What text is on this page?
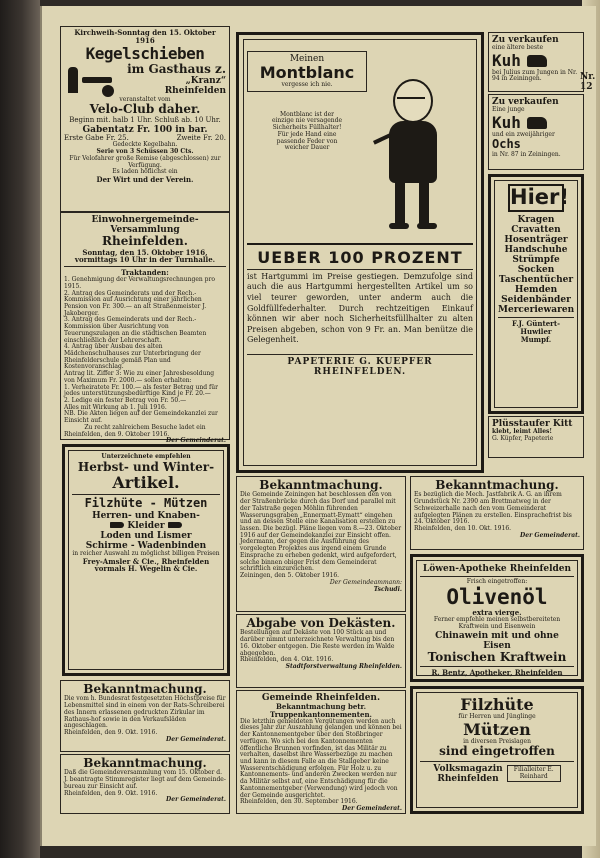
Kirchweih-Sonntag den 15. Oktober 1916
Kegelschieben
im Gasthaus z.
„Kranz“
Rheinfelden
veranstaltet vom
Velo-Club daher.
Beginn mit. halb 1 Uhr. Schluß ab. 10 Uhr.
Gabentatz Fr. 100 in bar.
Erste Gabe Fr. 25.	Zweite Fr. 20.
Gedeckte Kegelbahn.
Serie von 3 Schüssen 30 Cts.
Für Velofahrer große Remise (abgeschlossen) zur Verfügung.
Es laden höflichst ein
Der Wirt und der Verein.
Einwohnergemeinde-Versammlung
Rheinfelden.
Sonntag, den 15. Oktober 1916, vormittags 10 Uhr in der Turnhalle.
Traktanden:
1. Genehmigung der Verwaltungsrechnungen pro 1915.
2. Antrag des Gemeinderats und der Rech.-Kommission auf Ausrichtung einer jährlichen Pension von Fr. 300.— an alt Straßenmeister J. Jakoberger.
3. Antrag des Gemeinderats und der Rech.-Kommission über Ausrichtung von Teuerungszulagen an die städtischen Beamten einschließlich der Lehrerschaft.
4. Antrag über Ausbau des alten Mädchenschulhauses zur Unterbringung der Rheinfelderschule gemäß Plan und Kostenvoranschlag.
Antrag lit. Ziffer 3: Wie zu einer Jahresbesoldung von Maximum Fr. 2000.— sollen erhalten:
1. Verheiratete Fr. 100.— als fester Betrag und für jedes unterstützungsbedürftige Kind je Fr. 20.—
2. Ledige ein fester Betrag von Fr. 50.—
Alles mit Wirkung ab 1. Juli 1916.
NB. Die Akten liegen auf der Gemeindekanzlei zur Einsicht auf.
Zu recht zahlreichem Besuche ladet ein
Rheinfelden, den 9. Oktober 1916.
Der Gemeinderat.
Unterzeichnete empfehlen
Herbst- und Winter-
Artikel.
Filzhüte - Mützen
Herren- und Knaben-
Kleider
Loden und Lismer
Schirme - Wadenbinden
in reicher Auswahl zu möglichst billigen Preisen
Frey-Amsler & Cie., Rheinfelden
vormals H. Wegelin & Cie.
Bekanntmachung.
Die vom h. Bundesrat festgesetzten Höchstpreise für Lebensmittel sind in einem von der Rats-Schreiberei des Innern erlassenen gedruckten Zirkular im Rathaus-hof sowie in den Verkaufsläden angeschlagen.
Rheinfelden, den 9. Okt. 1916.
Der Gemeinderat.
Bekanntmachung.
Daß die Gemeindeversammlung vom 15. Oktober d. J. beantragte Stimmregister liegt auf dem Gemeinde-bureau zur Einsicht auf.
Rheinfelden, den 9. Okt. 1916.
Der Gemeinderat.
Meinen
Montblanc
vergesse ich nie.
Montblanc ist der einzige nie versagende Sicherheits Füllhalter! Für jede Hand eine passende Feder von weicher Dauer
UEBER 100 PROZENT
ist Hartgummi im Preise gestiegen. Demzufolge sind auch die aus Hartgummi hergestellten Artikel um so viel teurer geworden, unter anderm auch die Goldfüllfederhalter. Durch rechtzeitigen Einkauf können wir aber noch Sicherheitsfüllhalter zu alten Preisen abgeben, schon von 9 Fr. an. Man benütze die Gelegenheit.
PAPETERIE G. KUEPFER
RHEINFELDEN.
Zu verkaufen
eine ältere beste
Kuh
bei Julius zum Jungen in Nr. 94 in Zeiningen.
Zu verkaufen
Eine junge
Kuh
und ein zweijähriger
Ochs
in Nr. 87 in Zeiningen.
Hier!
Kragen
Cravatten
Hosenträger
Handschuhe
Strümpfe
Socken
Taschentücher
Hemden
Seidenbänder
Merceriewaren
F.J. Güntert-Huwiler
Mumpf.
Plüsstaufer Kitt
klebt, leimt Alles!
G. Küpfer, Papeterie
Bekanntmachung.
Die Gemeinde Zeiningen hat beschlossen den von der Straßenbrücke durch das Dorf und parallel mit der Talstraße gegen Möhlin führenden Wasserungsgraben „Ennermatt-Eymatt“ eingehen und an dessen Stelle eine Kanalisation erstellen zu lassen. Die bezügl. Pläne liegen vom 8.—23. Oktober 1916 auf der Gemeindekanzlei zur Einsicht offen. Jedermann, der gegen die Ausführung des vorgelegten Projektes aus irgend einem Grunde Einsprache zu erheben gedenkt, wird aufgefordert, solche binnen obiger Frist dem Gemeinderat schriftlich einzureichen.
Zeiningen, den 5. Oktober 1916.
Der Gemeindeammann:
Tschudi.
Abgabe von Dekästen.
Bestellungen auf Dekäste von 100 Stück an und darüber nimmt unterzeichnete Verwaltung bis den 16. Oktober entgegen. Die Reste werden im Walde abgegeben.
Rheinfelden, den 4. Okt. 1916.
Stadtforstverwaltung Rheinfelden.
Gemeinde Rheinfelden.
Bekanntmachung betr.
Truppenkantonnementen.
Die letzthin gemeldeten Vergütungen werden auch dieses Jahr zur Auszahlung gelangen und können bei der Kantonnementgeber über den Stoßbringer verfügen. Wo sich bei den Kantonnementen öffentliche Brunnen vorfinden, ist das Militär zu verhalten, daselbst ihre Wasserbezüge zu machen und kann in diesem Falle an die Stallgeber keine Wasserentschädigung erfolgen. Für Holz u. zu Kantonnements- und anderen Zwecken werden nur da Militär selbst auf, eine Entschädigung für die Kantonnementgeber (Verwendung) wird jedoch von der Gemeinde ausgerichtet.
Rheinfelden, den 30. September 1916.
Der Gemeinderat.
Bekanntmachung.
Es bezüglich die Mech. Jastfabrik A. G. an ihrem Grundstück Nr. 2390 am Brettmatweg in der Schweizerhalle nach den vom Gemeinderat aufgelegten Plänen zu erstellen. Einsprachefrist bis 24. Oktober 1916.
Rheinfelden, den 10. Okt. 1916.
Der Gemeinderat.
Löwen-Apotheke Rheinfelden
Frisch eingetroffen:
Olivenöl
extra vierge.
Ferner empfehle meinen selbstbereiteten Kraftwein und Eisenwein
Chinawein mit und ohne Eisen
Tonischen Kraftwein
R. Bentz, Apotheker, Rheinfelden
Filzhüte
für Herren und Jünglinge
Mützen
in diversen Preislagen
sind eingetroffen
Volksmagazin
Rheinfelden
Filialleiter E. Reinhard
Nr. 12
